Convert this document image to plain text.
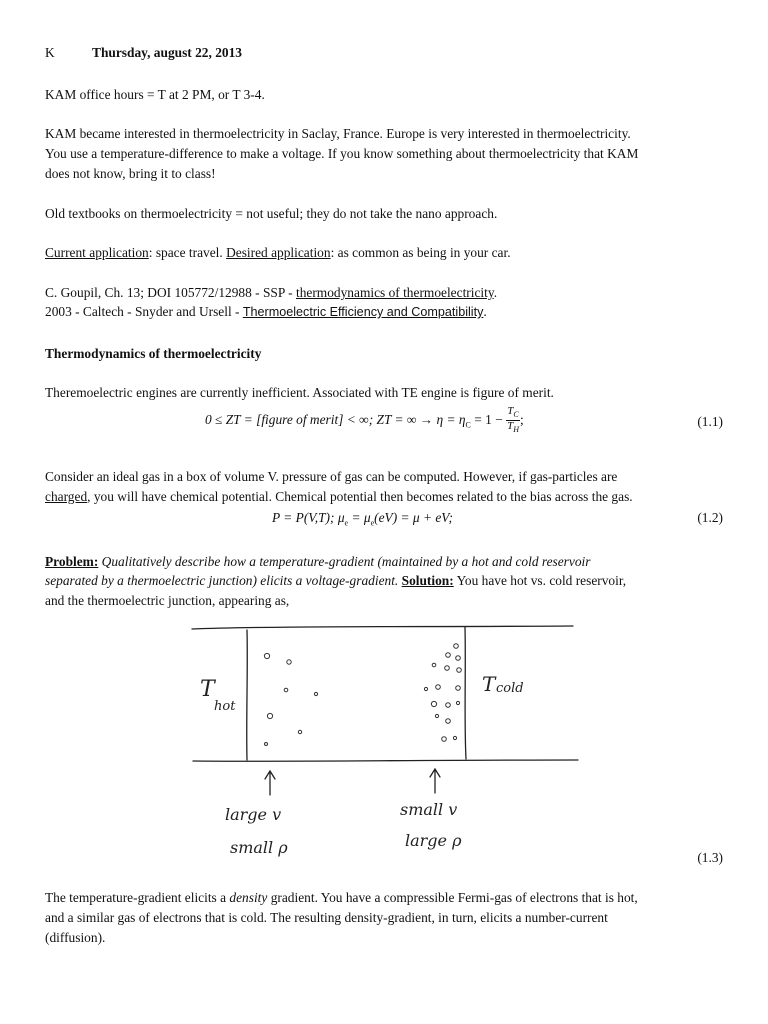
K	Thursday, august 22, 2013
KAM office hours = T at 2 PM, or T 3-4.
KAM became interested in thermoelectricity in Saclay, France. Europe is very interested in thermoelectricity.
You use a temperature-difference to make a voltage. If you know something about thermoelectricity that KAM
does not know, bring it to class!
Old textbooks on thermoelectricity = not useful; they do not take the nano approach.
Current application: space travel. Desired application: as common as being in your car.
C. Goupil, Ch. 13; DOI 105772/12988 - SSP - thermodynamics of thermoelectricity.
2003 - Caltech - Snyder and Ursell - Thermoelectric Efficiency and Compatibility.
Thermodynamics of thermoelectricity
Theremoelectric engines are currently inefficient. Associated with TE engine is figure of merit.
0 ≤ ZT = [figure of merit] < ∞; ZT = ∞ → $\eta = \eta_C = 1 - \frac{T_C}{T_H}$ ;	(1.1)
Consider an ideal gas in a box of volume V. pressure of gas can be computed. However, if gas-particles are
charged, you will have chemical potential. Chemical potential then becomes related to the bias across the gas.
P = P(V,T); $\mu_e = \mu_e(eV) = \mu$ + eV;	(1.2)
Problem: Qualitatively describe how a temperature-gradient (maintained by a hot and cold reservoir
separated by a thermoelectric junction) elicits a voltage-gradient. Solution: You have hot vs. cold reservoir,
and the thermoelectric junction, appearing as,
T
hot
T cold
large v
small ρ
small v
large ρ
(1.3)
The temperature-gradient elicits a density gradient. You have a compressible Fermi-gas of electrons that is hot,
and a similar gas of electrons that is cold. The resulting density-gradient, in turn, elicits a number-current
(diffusion).
